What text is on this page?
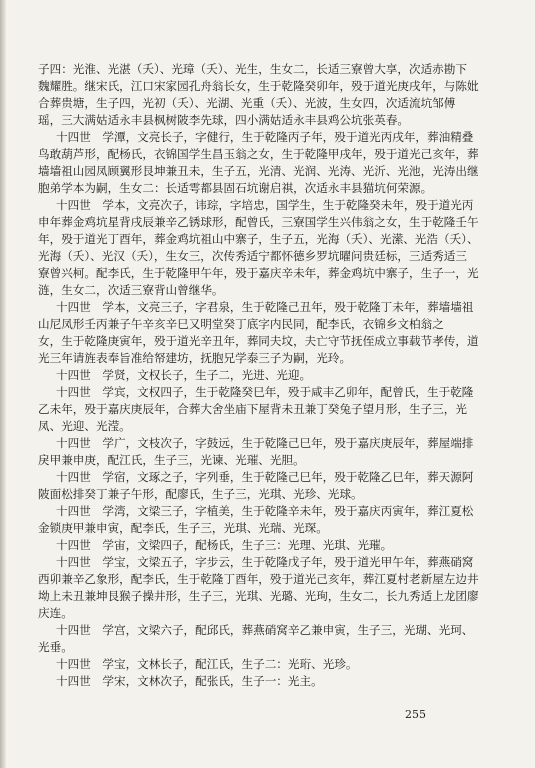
子四：光淮、光湛（夭）、光璋（夭）、光生，生女二，长适三寮曾大享，次适赤勘下
魏耀胜。继宋氏，江口宋家园孔舟翁长女，生于乾隆癸卯年，殁于道光庚戌年，与陈妣
合葬贵塘，生子四，光初（夭）、光湖、光重（夭）、光波，生女四，次适流坑邹傅
瑶，三大满姑适永丰县枫树陂李先球，四小满姑适永丰县鸡公坑张英春。
十四世　学潭，文亮长子，字健行，生于乾隆丙子年，殁于道光丙戌年，葬油精叠
鸟敢葫芦形，配杨氏，衣锦国学生昌玉翁之女，生于乾隆甲戌年，殁于道光己亥年，葬
墙墙祖山园凤顾翼形艮坤兼丑未，生子五，光清、光润、光涛、光沂、光池，光涛出继
胞弟学本为嗣，生女二：长适雩都县固石坑谢启祺，次适永丰县猫坑何荣源。
十四世　学本，文亮次子，讳琮，字培忠，国学生，生于乾隆癸未年，殁于道光丙
申年葬金鸡坑星背戌辰兼辛乙锈球形，配曾氏，三寮国学生兴伟翁之女，生于乾隆壬午
年，殁于道光丁酉年，葬金鸡坑祖山中寨子，生子五，光海（夭）、光潆、光浩（夭）、
光海（夭）、光汉（夭），生女三，次传秀适宁都怀德乡罗坑曜问贵廷标，三适秀适三
寮曾兴柯。配李氏，生于乾隆甲午年，殁于嘉庆辛未年，葬金鸡坑中寨子，生子一，光
涟，生女二，次适三寮背山曾继华。
十四世　学本，文亮三子，字君泉，生于乾隆己丑年，殁于乾隆丁未年，葬墙墙祖
山尼凤形壬丙兼子午辛亥辛巳又明堂癸丁底字内民同，配李氏，衣锦乡文柏翁之
女，生于乾隆庚寅年，殁于道光辛丑年，葬同夫坟，夫亡守节抚侄成立事载节孝传，道
光三年请旌表奉旨准给帑建坊，抚胞兄学泰三子为嗣，光玲。
十四世　学贤，文权长子，生子二，光进、光迎。
十四世　学宾，文权四子，生于乾隆癸巳年，殁于咸丰乙卯年，配曾氏，生于乾隆
乙未年，殁于嘉庆庚辰年，合葬大舍坐庙下屋背未丑兼丁癸兔子望月形，生子三，光
凤、光迎、光滢。
十四世　学广，文枝次子，字鼓远，生于乾隆己巳年，殁于嘉庆庚辰年，葬屋端排
戾甲兼申庚，配江氏，生子三，光谏、光璀、光胆。
十四世　学宿，文琢之子，字列垂，生于乾隆己巳年，殁于乾隆乙巳年，葬天源阿
陂面松排癸丁兼子午形，配廖氏，生子三，光琪、光珍、光球。
十四世　学湾，文梁三子，字植美，生于乾隆辛未年，殁于嘉庆丙寅年，葬江夏松
金锁庚甲兼申寅，配李氏，生子三，光琪、光瑞、光琛。
十四世　学宙，文梁四子，配杨氏，生子三：光理、光琪、光璀。
十四世　学宝，文梁五子，字步云，生于乾隆戊子年，殁于道光甲午年，葬燕硝窝
西卯兼辛乙象形，配李氏，生于乾隆丁酉年，殁于道光己亥年，葬江夏村老新屋左边井
坳上未丑兼坤艮猴子操井形，生子三，光琪、光璐、光珣，生女二，长九秀适上龙团廖
庆连。
十四世　学宫，文梁六子，配邱氏，葬燕硝窝辛乙兼申寅，生子三，光瑚、光珂、
光垂。
十四世　学宝，文林长子，配江氏，生子二：光珩、光珍。
十四世　学宋，文林次子，配张氏，生子一：光主。
255
